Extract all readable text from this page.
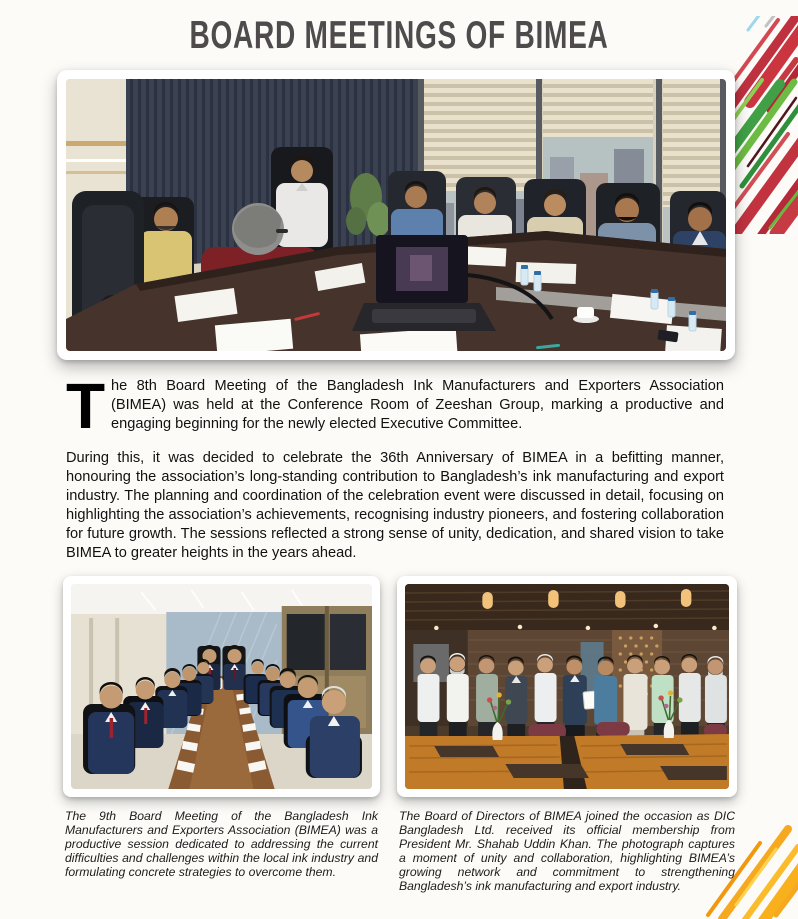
BOARD MEETINGS OF BIMEA

The 8th Board Meeting of the Bangladesh Ink Manufacturers and Exporters Association (BIMEA) was held at the Conference Room of Zeeshan Group, marking a productive and engaging beginning for the newly elected Executive Committee.

During this, it was decided to celebrate the 36th Anniversary of BIMEA in a befitting manner, honouring the association’s long-standing contribution to Bangladesh’s ink manufacturing and export industry. The planning and coordination of the celebration event were discussed in detail, focusing on highlighting the association’s achievements, recognising industry pioneers, and fostering collaboration for future growth. The sessions reflected a strong sense of unity, dedication, and shared vision to take BIMEA to greater heights in the years ahead.

The 9th Board Meeting of the Bangladesh Ink Manufacturers and Exporters Association (BIMEA) was a productive session dedicated to addressing the current difficulties and challenges within the local ink industry and formulating concrete strategies to overcome them.

The Board of Directors of BIMEA joined the occasion as DIC Bangladesh Ltd. received its official membership from President Mr. Shahab Uddin Khan. The photograph captures a moment of unity and collaboration, highlighting BIMEA’s growing network and commitment to strengthening Bangladesh’s ink manufacturing and export industry.
